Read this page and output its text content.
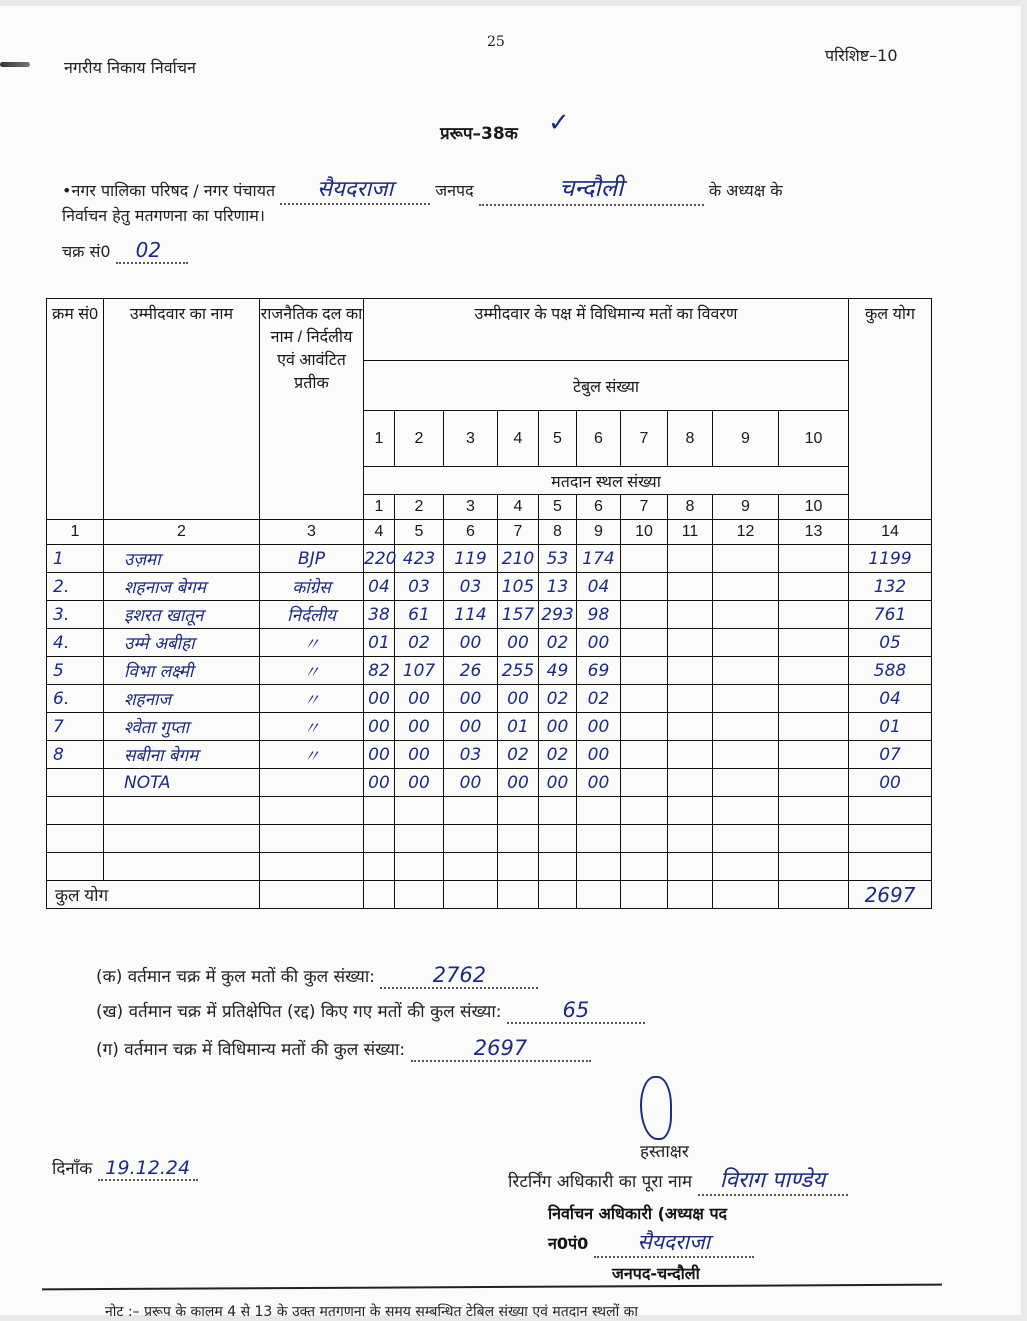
नगरीय निकाय निर्वाचन
25
परिशिष्ट–10
प्ररूप–38क ✓
•नगर पालिका परिषद / नगर पंचायत सैयदराजा	जनपद	चन्दौली	के अध्यक्ष के
निर्वाचन हेतु मतगणना का परिणाम।
चक्र सं0 02
क्रम सं0	उम्मीदवार का नाम	राजनैतिक दल का नाम / निर्दलीय एवं आवंटित प्रतीक	उम्मीदवार के पक्ष में विधिमान्य मतों का विवरण										कुल योग
			टेबुल संख्या										
			1	2	3	4	5	6	7	8	9	10	
			मतदान स्थल संख्या										
			1	2	3	4	5	6	7	8	9	10	
1	2	3	4	5	6	7	8	9	10	11	12	13	14
1	उज़मा	BJP	220	423	119	210	53	174					1199
2.	शहनाज बेगम	कांग्रेस	04	03	03	105	13	04					132
3.	इशरत खातून	निर्दलीय	38	61	114	157	293	98					761
4.	उम्मे अबीहा	〃	01	02	00	00	02	00					05
5	विभा लक्ष्मी	〃	82	107	26	255	49	69					588
6.	शहनाज	〃	00	00	00	00	02	02					04
7	श्वेता गुप्ता	〃	00	00	00	01	00	00					01
8	सबीना बेगम	〃	00	00	03	02	02	00					07
	NOTA		00	00	00	00	00	00					00

कुल योग													2697
(क) वर्तमान चक्र में कुल मतों की कुल संख्या:	2762
(ख) वर्तमान चक्र में प्रतिक्षेपित (रद्द) किए गए मतों की कुल संख्या:	65
(ग) वर्तमान चक्र में विधिमान्य मतों की कुल संख्या:	2697
दिनाँक 19.12.24
हस्ताक्षर
रिटर्निंग अधिकारी का पूरा नाम विराग पाण्डेय
निर्वाचन अधिकारी (अध्यक्ष पद
न0पं0 सैयदराजा
जनपद-चन्दौली
नोट :– प्ररूप के कालम 4 से 13 के उक्त मतगणना के समय सम्बन्धित टेबिल संख्या एवं मतदान स्थलों का
